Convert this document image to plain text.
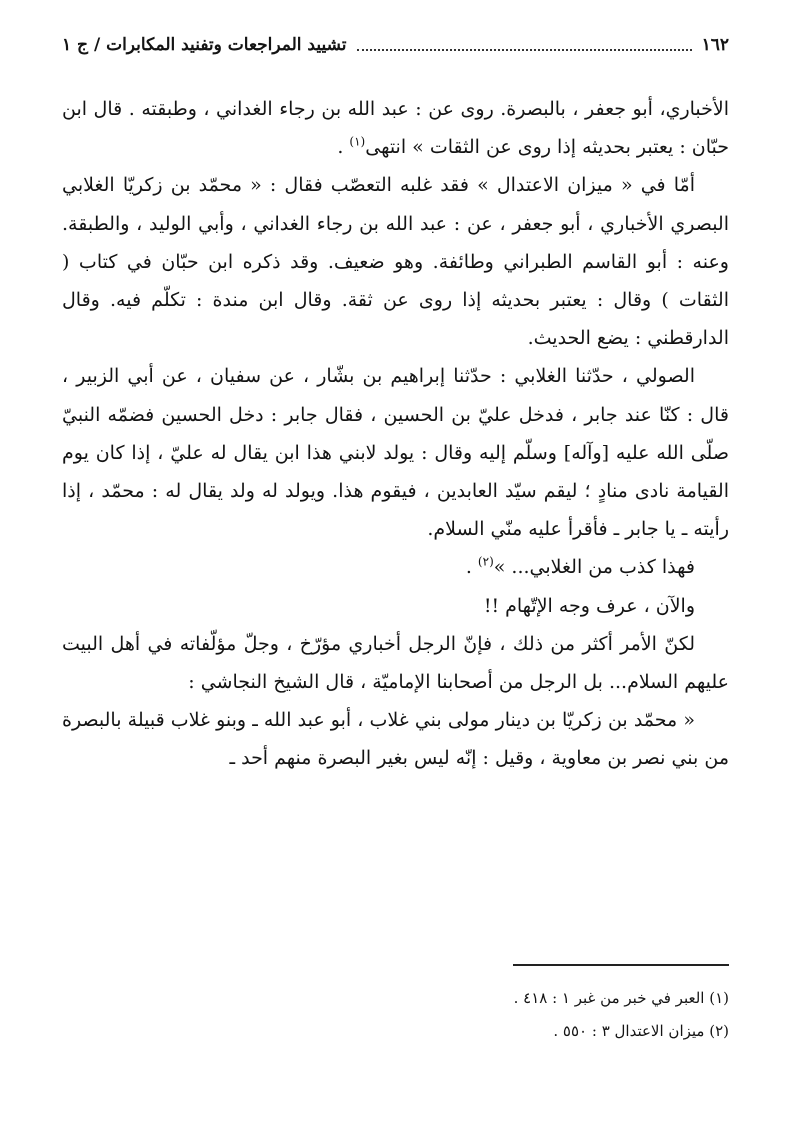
١٦٢
تشييد المراجعات وتفنيد المكابرات / ج ١

الأخباري، أبو جعفر ، بالبصرة. روى عن : عبد الله بن رجاء الغداني ، وطبقته . قال ابن حبّان : يعتبر بحديثه إذا روى عن الثقات » انتهى$^{(١)}$ .

أمّا في « ميزان الاعتدال » فقد غلبه التعصّب فقال : « محمّد بن زكريّا الغلابي البصري الأخباري ، أبو جعفر ، عن : عبد الله بن رجاء الغداني ، وأبي الوليد ، والطبقة. وعنه : أبو القاسم الطبراني وطائفة. وهو ضعيف. وقد ذكره ابن حبّان في كتاب ( الثقات ) وقال : يعتبر بحديثه إذا روى عن ثقة. وقال ابن مندة : تكلّم فيه. وقال الدارقطني : يضع الحديث.

الصولي ، حدّثنا الغلابي : حدّثنا إبراهيم بن بشّار ، عن سفيان ، عن أبي الزبير ، قال : كنّا عند جابر ، فدخل عليّ بن الحسين ، فقال جابر : دخل الحسين فضمّه النبيّ صلّى الله عليه [وآله] وسلّم إليه وقال : يولد لابني هذا ابن يقال له عليّ ، إذا كان يوم القيامة نادى منادٍ ؛ ليقم سيّد العابدين ، فيقوم هذا. ويولد له ولد يقال له : محمّد ، إذا رأيته ـ يا جابر ـ فأقرأ عليه منّي السلام.

فهذا كذب من الغلابي... »$^{(٢)}$ .

والآن ، عرف وجه الإتّهام !!

لكنّ الأمر أكثر من ذلك ، فإنّ الرجل أخباري مؤرّخ ، وجلّ مؤلّفاته في أهل البيت عليهم السلام... بل الرجل من أصحابنا الإماميّة ، قال الشيخ النجاشي :

« محمّد بن زكريّا بن دينار مولى بني غلاب ، أبو عبد الله ـ وبنو غلاب قبيلة بالبصرة من بني نصر بن معاوية ، وقيل : إنّه ليس بغير البصرة منهم أحد ـ

(١) العبر في خبر من غبر ١ : ٤١٨ .

(٢) ميزان الاعتدال ٣ : ٥٥٠ .
